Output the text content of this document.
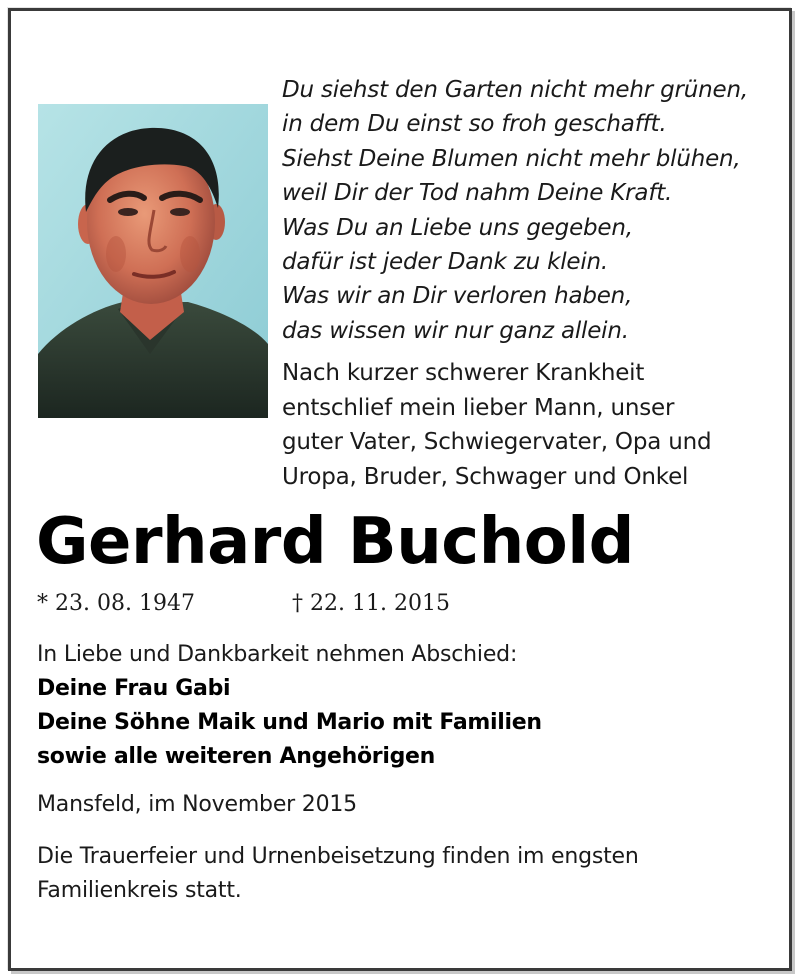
Du siehst den Garten nicht mehr grünen,
in dem Du einst so froh geschafft.
Siehst Deine Blumen nicht mehr blühen,
weil Dir der Tod nahm Deine Kraft.
Was Du an Liebe uns gegeben,
dafür ist jeder Dank zu klein.
Was wir an Dir verloren haben,
das wissen wir nur ganz allein.
Nach kurzer schwerer Krankheit
entschlief mein lieber Mann, unser
guter Vater, Schwiegervater, Opa und
Uropa, Bruder, Schwager und Onkel
Gerhard Buchold
* 23. 08. 1947	† 22. 11. 2015
In Liebe und Dankbarkeit nehmen Abschied:
Deine Frau Gabi
Deine Söhne Maik und Mario mit Familien
sowie alle weiteren Angehörigen
Mansfeld, im November 2015
Die Trauerfeier und Urnenbeisetzung finden im engsten
Familienkreis statt.
